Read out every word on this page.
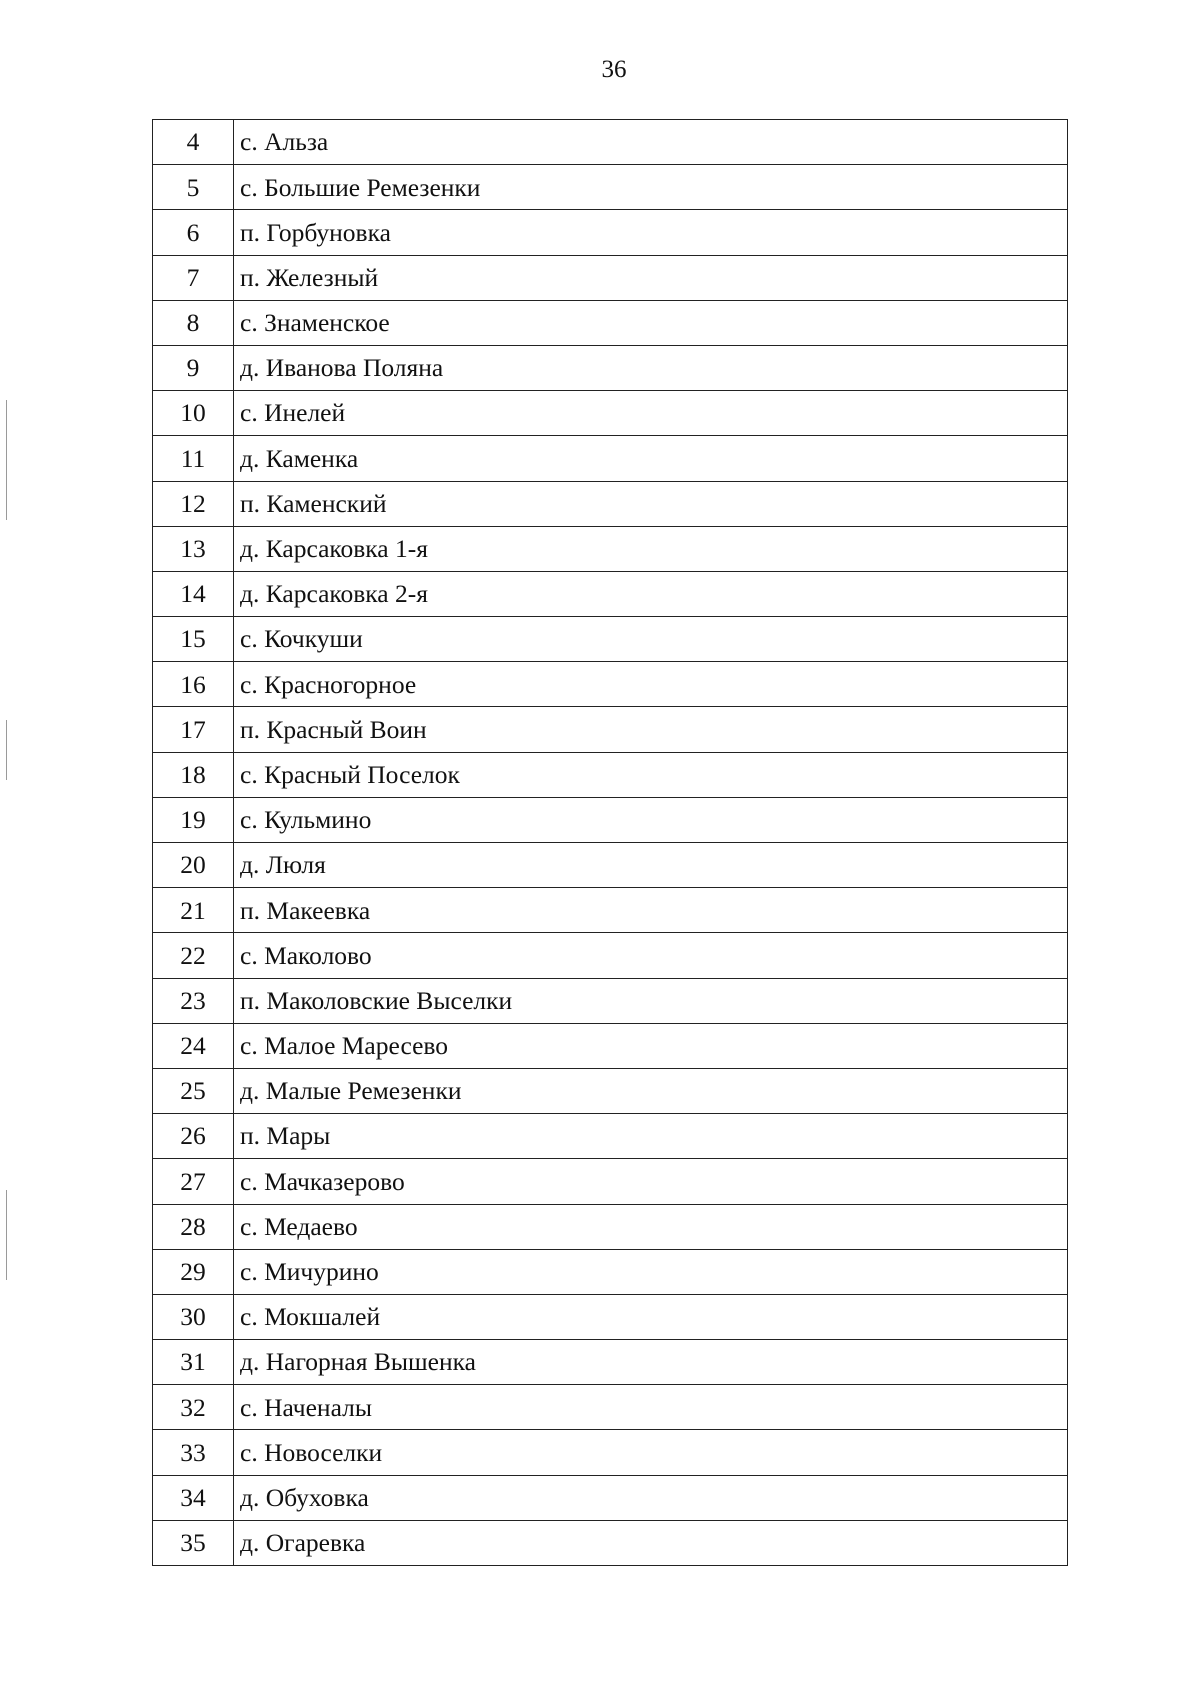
36
4	с. Альза
5	с. Большие Ремезенки
6	п. Горбуновка
7	п. Железный
8	с. Знаменское
9	д. Иванова Поляна
10	с. Инелей
11	д. Каменка
12	п. Каменский
13	д. Карсаковка 1-я
14	д. Карсаковка 2-я
15	с. Кочкуши
16	с. Красногорное
17	п. Красный Воин
18	с. Красный Поселок
19	с. Кульмино
20	д. Люля
21	п. Макеевка
22	с. Маколово
23	п. Маколовские Выселки
24	с. Малое Маресево
25	д. Малые Ремезенки
26	п. Мары
27	с. Мачказерово
28	с. Медаево
29	с. Мичурино
30	с. Мокшалей
31	д. Нагорная Вышенка
32	с. Наченалы
33	с. Новоселки
34	д. Обуховка
35	д. Огаревка
